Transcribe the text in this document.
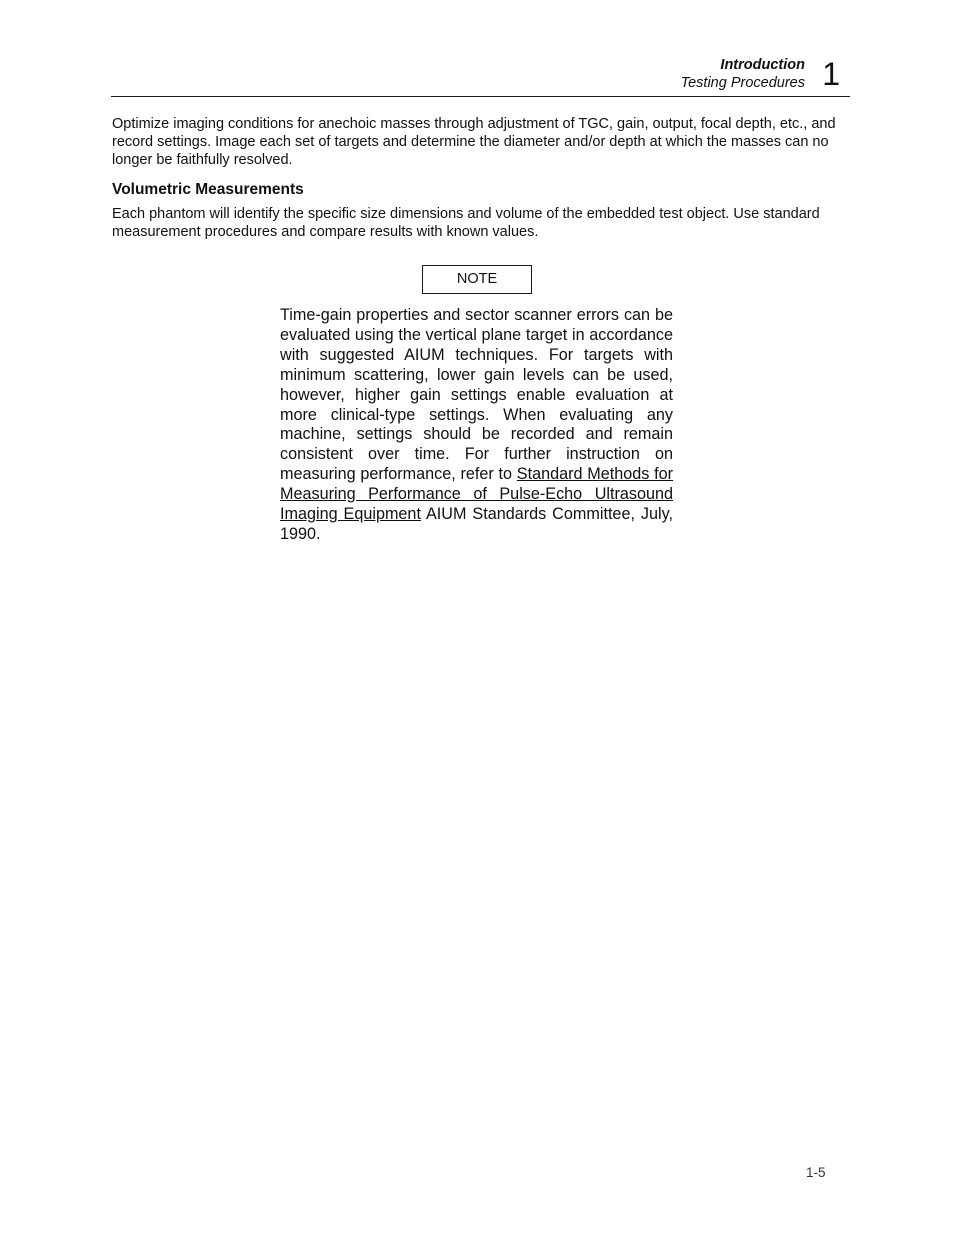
Introduction
Testing Procedures 1

Optimize imaging conditions for anechoic masses through adjustment of TGC, gain, output, focal depth, etc., and record settings. Image each set of targets and determine the diameter and/or depth at which the masses can no longer be faithfully resolved.

Volumetric Measurements

Each phantom will identify the specific size dimensions and volume of the embedded test object. Use standard measurement procedures and compare results with known values.

NOTE

Time-gain properties and sector scanner errors can be evaluated using the vertical plane target in accordance with suggested AIUM techniques. For targets with minimum scattering, lower gain levels can be used, however, higher gain settings enable evaluation at more clinical-type settings. When evaluating any machine, settings should be recorded and remain consistent over time. For further instruction on measuring performance, refer to Standard Methods for Measuring Performance of Pulse-Echo Ultrasound Imaging Equipment AIUM Standards Committee, July, 1990.

1-5
